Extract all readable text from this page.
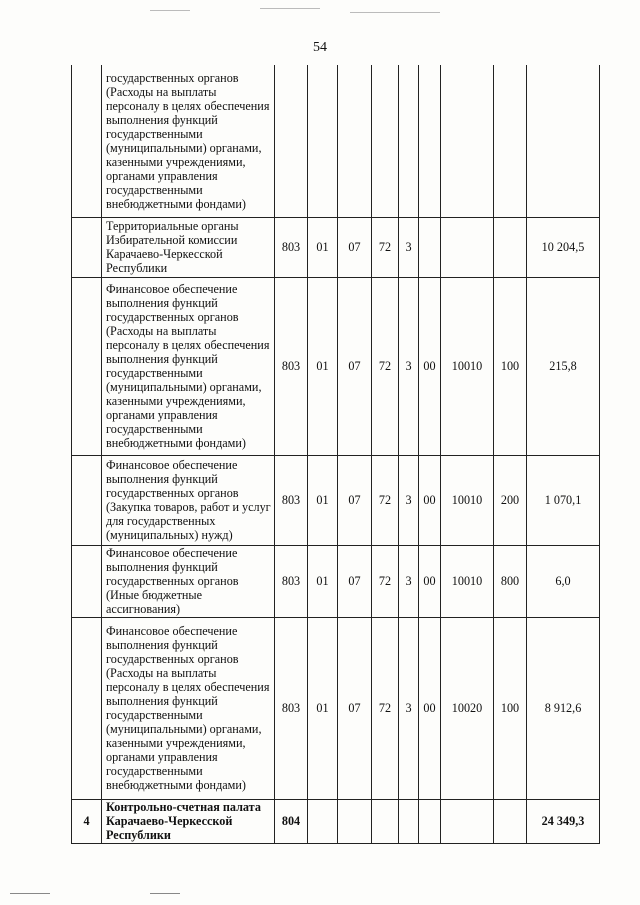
54
	государственных органов (Расходы на выплаты персоналу в целях обеспечения выполнения функций государственными (муниципальными) органами, казенными учреждениями, органами управления государственными внебюджетными фондами)									
	Территориальные органы Избирательной комиссии Карачаево-Черкесской Республики	803	01	07	72	3				10 204,5
	Финансовое обеспечение выполнения функций государственных органов (Расходы на выплаты персоналу в целях обеспечения выполнения функций государственными (муниципальными) органами, казенными учреждениями, органами управления государственными внебюджетными фондами)	803	01	07	72	3	00	10010	100	215,8
	Финансовое обеспечение выполнения функций государственных органов (Закупка товаров, работ и услуг для государственных (муниципальных) нужд)	803	01	07	72	3	00	10010	200	1 070,1
	Финансовое обеспечение выполнения функций государственных органов (Иные бюджетные ассигнования)	803	01	07	72	3	00	10010	800	6,0
	Финансовое обеспечение выполнения функций государственных органов (Расходы на выплаты персоналу в целях обеспечения выполнения функций государственными (муниципальными) органами, казенными учреждениями, органами управления государственными внебюджетными фондами)	803	01	07	72	3	00	10020	100	8 912,6
4	Контрольно-счетная палата Карачаево-Черкесской Республики	804								24 349,3
